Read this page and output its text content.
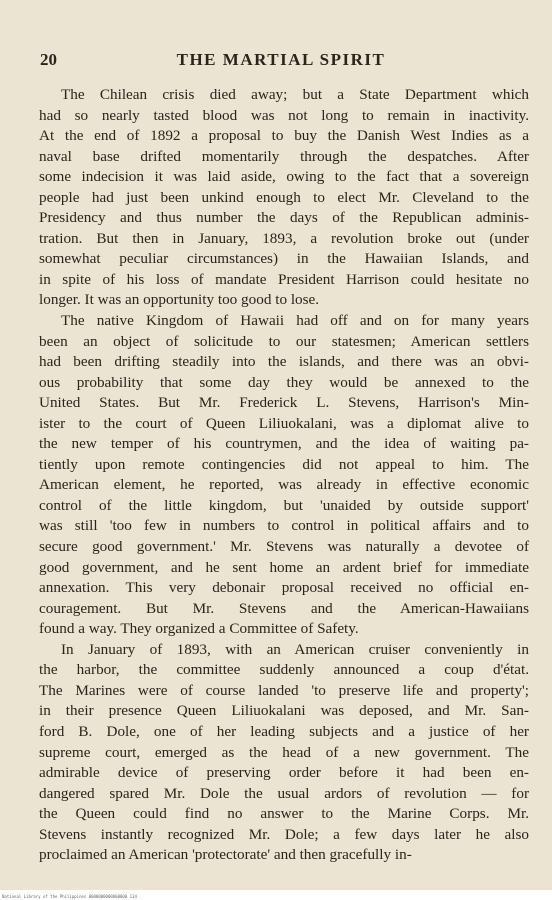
20	THE MARTIAL SPIRIT
The Chilean crisis died away; but a State Department which
had so nearly tasted blood was not long to remain in inactivity.
At the end of 1892 a proposal to buy the Danish West Indies as a
naval base drifted momentarily through the despatches. After
some indecision it was laid aside, owing to the fact that a sovereign
people had just been unkind enough to elect Mr. Cleveland to the
Presidency and thus number the days of the Republican adminis-
tration. But then in January, 1893, a revolution broke out (under
somewhat peculiar circumstances) in the Hawaiian Islands, and
in spite of his loss of mandate President Harrison could hesitate no
longer. It was an opportunity too good to lose.
The native Kingdom of Hawaii had off and on for many years
been an object of solicitude to our statesmen; American settlers
had been drifting steadily into the islands, and there was an obvi-
ous probability that some day they would be annexed to the
United States. But Mr. Frederick L. Stevens, Harrison's Min-
ister to the court of Queen Liliuokalani, was a diplomat alive to
the new temper of his countrymen, and the idea of waiting pa-
tiently upon remote contingencies did not appeal to him. The
American element, he reported, was already in effective economic
control of the little kingdom, but 'unaided by outside support'
was still 'too few in numbers to control in political affairs and to
secure good government.' Mr. Stevens was naturally a devotee of
good government, and he sent home an ardent brief for immediate
annexation. This very debonair proposal received no official en-
couragement. But Mr. Stevens and the American-Hawaiians
found a way. They organized a Committee of Safety.
In January of 1893, with an American cruiser conveniently in
the harbor, the committee suddenly announced a coup d'état.
The Marines were of course landed 'to preserve life and property';
in their presence Queen Liliuokalani was deposed, and Mr. San-
ford B. Dole, one of her leading subjects and a justice of her
supreme court, emerged as the head of a new government. The
admirable device of preserving order before it had been en-
dangered spared Mr. Dole the usual ardors of revolution — for
the Queen could find no answer to the Marine Corps. Mr.
Stevens instantly recognized Mr. Dole; a few days later he also
proclaimed an American 'protectorate' and then gracefully in-
National Library of the Philippines 0000000000000000 114
